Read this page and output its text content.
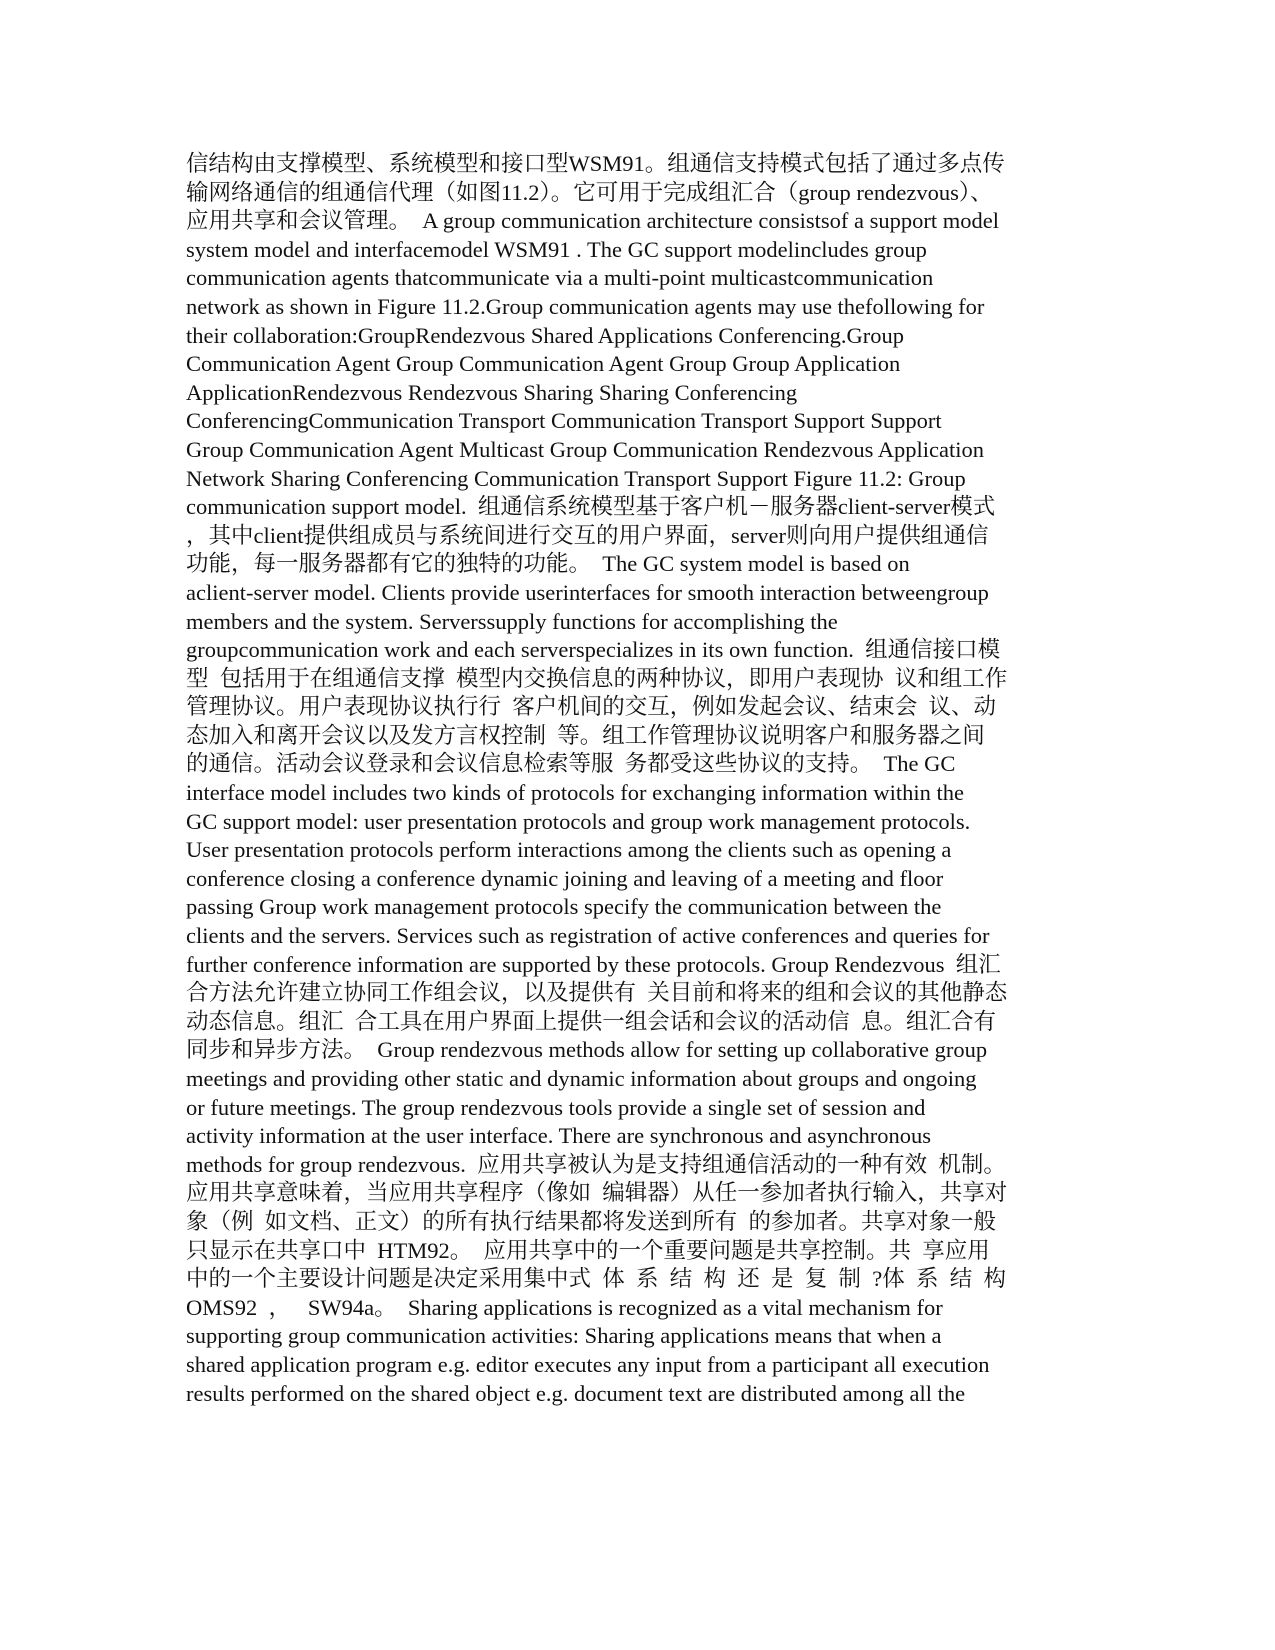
信结构由支撑模型、系统模型和接口型WSM91。组通信支持模式包括了通过多点传
输网络通信的组通信代理（如图11.2）。它可用于完成组汇合（group rendezvous）、
应用共享和会议管理。  A group communication architecture consistsof a support model
system model and interfacemodel WSM91 . The GC support modelincludes group
communication agents thatcommunicate via a multi-point multicastcommunication
network as shown in Figure 11.2.Group communication agents may use thefollowing for
their collaboration:GroupRendezvous Shared Applications Conferencing.Group
Communication Agent Group Communication Agent Group Group Application
ApplicationRendezvous Rendezvous Sharing Sharing Conferencing
ConferencingCommunication Transport Communication Transport Support Support
Group Communication Agent Multicast Group Communication Rendezvous Application
Network Sharing Conferencing Communication Transport Support Figure 11.2: Group
communication support model.  组通信系统模型基于客户机－服务器client-server模式
，其中client提供组成员与系统间进行交互的用户界面，server则向用户提供组通信
功能，每一服务器都有它的独特的功能。  The GC system model is based on
aclient-server model. Clients provide userinterfaces for smooth interaction betweengroup
members and the system. Serverssupply functions for accomplishing the
groupcommunication work and each serverspecializes in its own function.  组通信接口模
型  包括用于在组通信支撑  模型内交换信息的两种协议，即用户表现协  议和组工作
管理协议。用户表现协议执行行  客户机间的交互，例如发起会议、结束会  议、动
态加入和离开会议以及发方言权控制  等。组工作管理协议说明客户和服务器之间
的通信。活动会议登录和会议信息检索等服  务都受这些协议的支持。  The GC
interface model includes two kinds of protocols for exchanging information within the
GC support model: user presentation protocols and group work management protocols.
User presentation protocols perform interactions among the clients such as opening a
conference closing a conference dynamic joining and leaving of a meeting and floor
passing Group work management protocols specify the communication between the
clients and the servers. Services such as registration of active conferences and queries for
further conference information are supported by these protocols. Group Rendezvous  组汇
合方法允许建立协同工作组会议，以及提供有  关目前和将来的组和会议的其他静态
动态信息。组汇  合工具在用户界面上提供一组会话和会议的活动信  息。组汇合有
同步和异步方法。  Group rendezvous methods allow for setting up collaborative group
meetings and providing other static and dynamic information about groups and ongoing
or future meetings. The group rendezvous tools provide a single set of session and
activity information at the user interface. There are synchronous and asynchronous
methods for group rendezvous.  应用共享被认为是支持组通信活动的一种有效  机制。
应用共享意味着，当应用共享程序（像如  编辑器）从任一参加者执行输入，共享对
象（例  如文档、正文）的所有执行结果都将发送到所有  的参加者。共享对象一般
只显示在共享口中  HTM92。  应用共享中的一个重要问题是共享控制。共  享应用
中的一个主要设计问题是决定采用集中式  体  系  结  构  还  是  复  制  ?体  系  结  构
OMS92  ，   SW94a。  Sharing applications is recognized as a vital mechanism for
supporting group communication activities: Sharing applications means that when a
shared application program e.g. editor executes any input from a participant all execution
results performed on the shared object e.g. document text are distributed among all the
